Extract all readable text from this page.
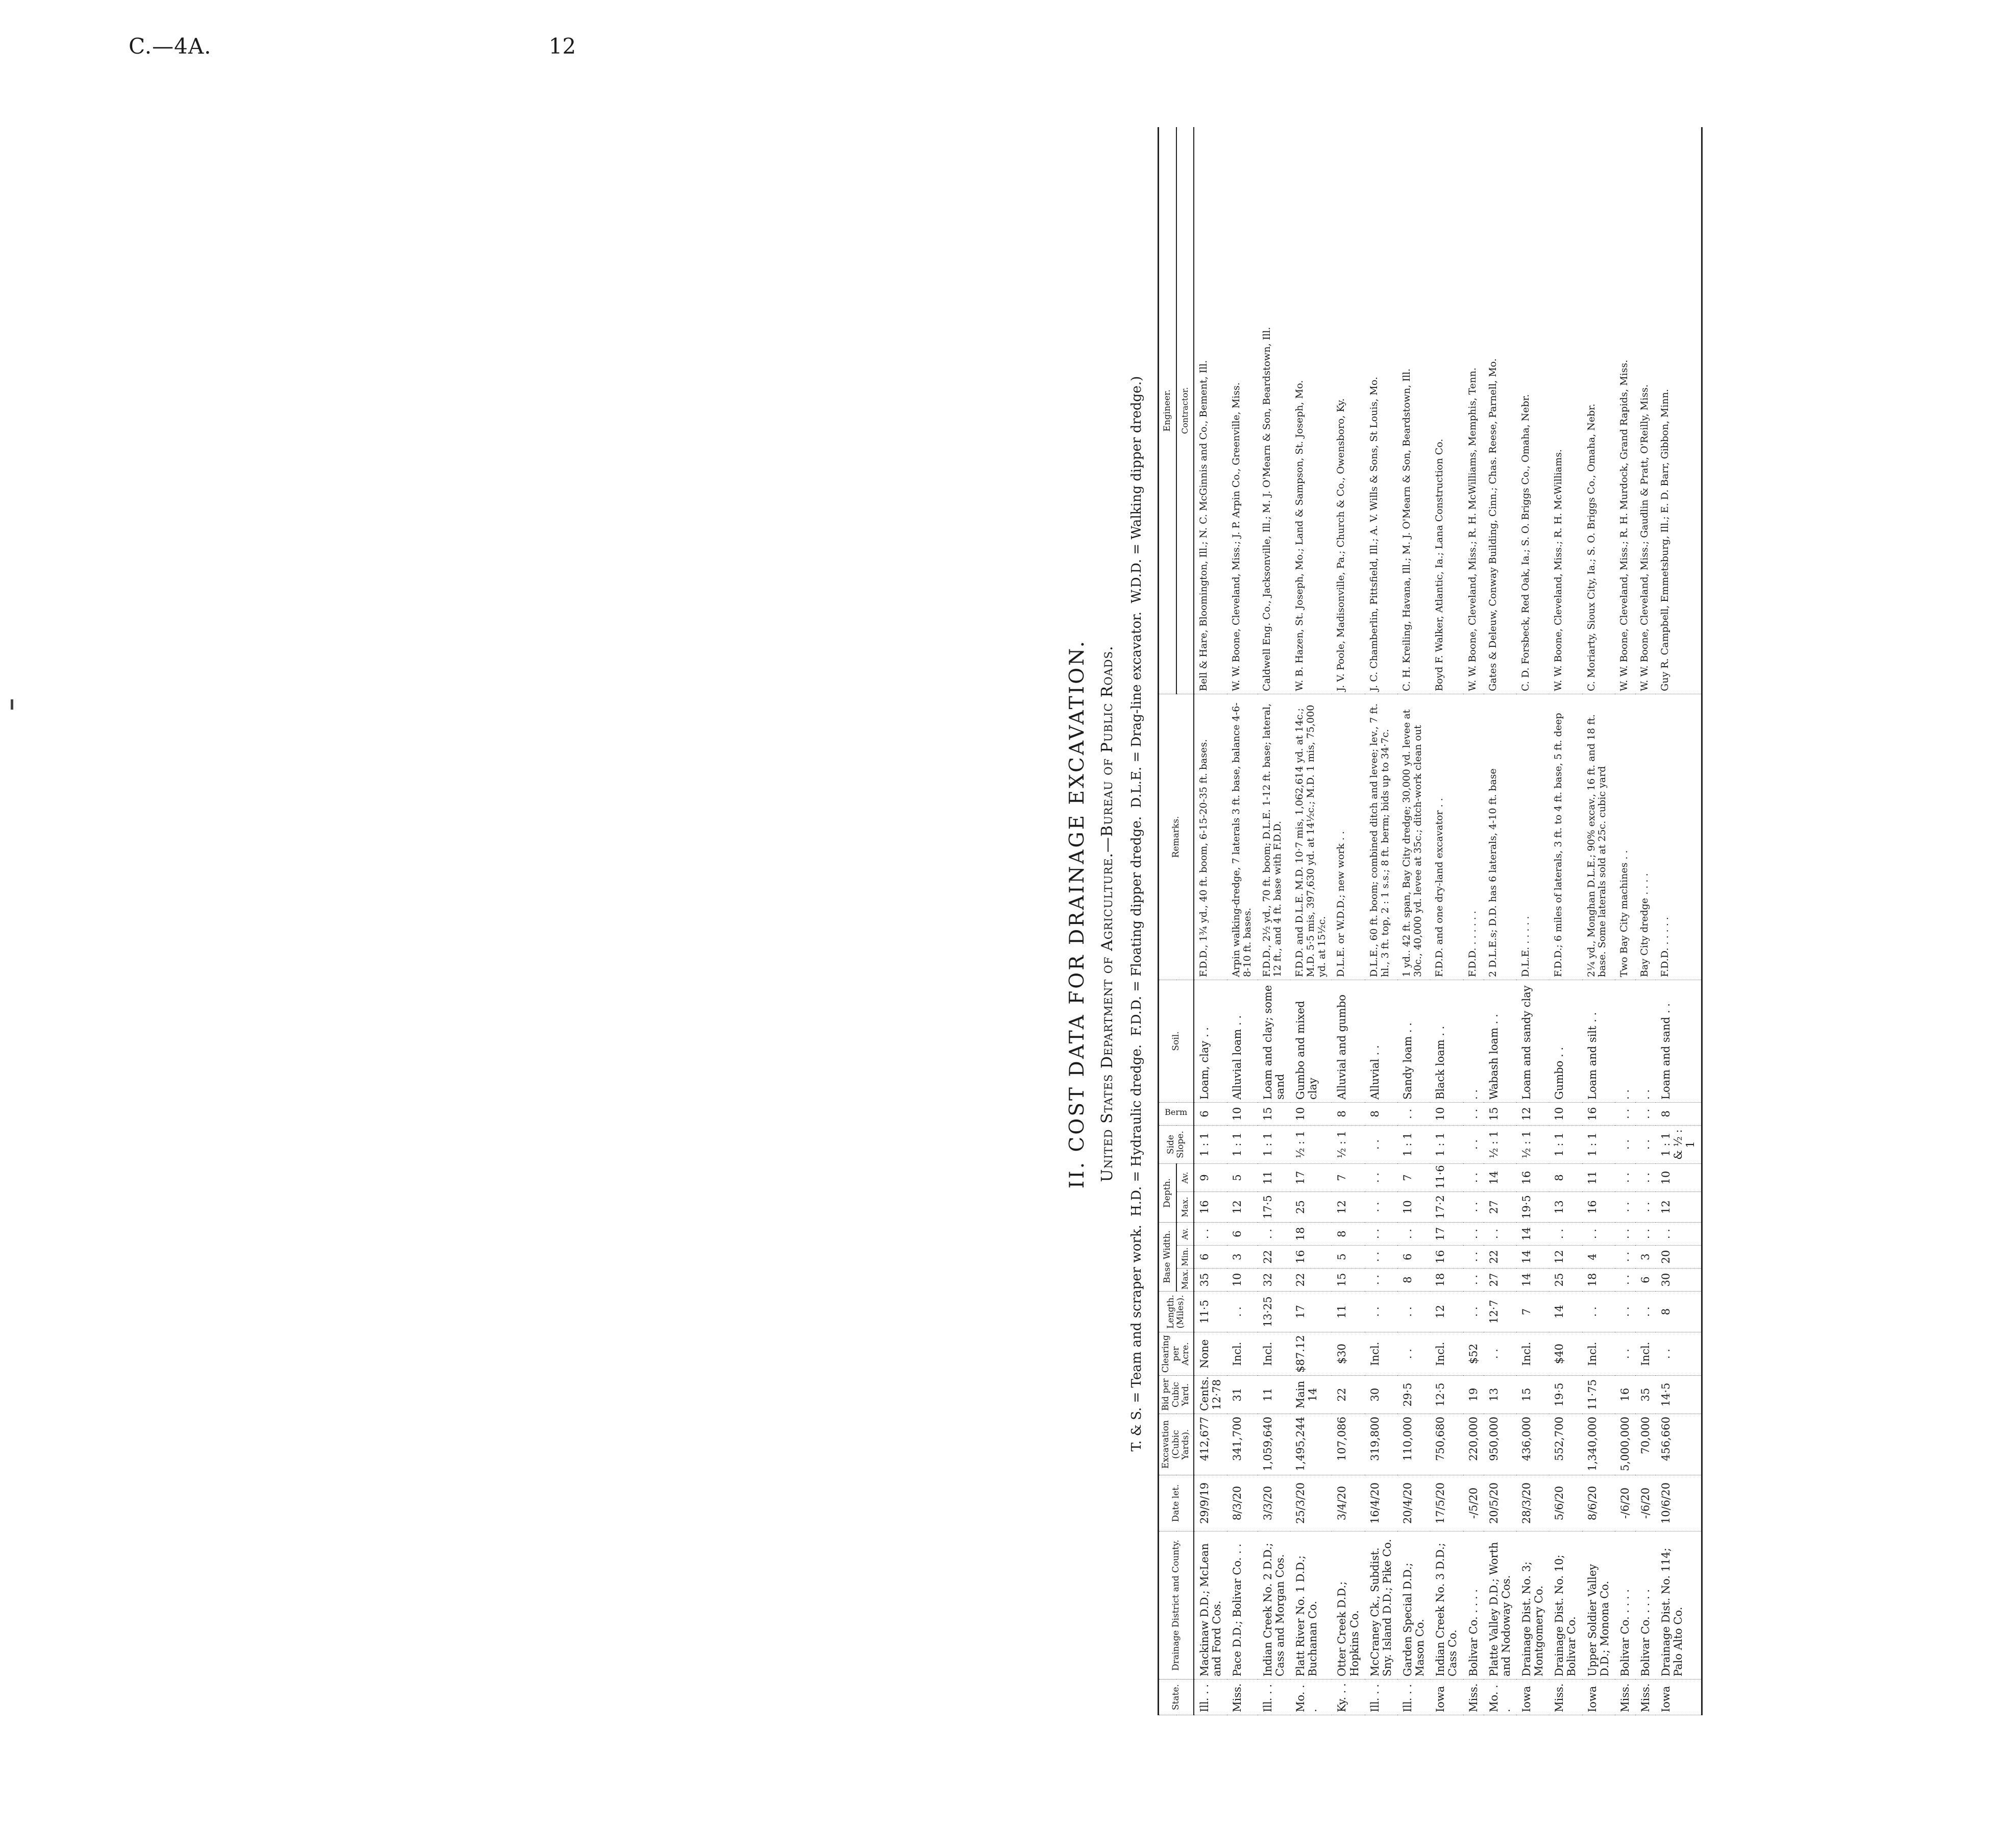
C.—4A.	12
II. COST DATA FOR DRAINAGE EXCAVATION. United States Department of Agriculture.—Bureau of Public Roads.
T. & S. = Team and scraper work. H.D. = Hydraulic dredge. F.D.D. = Floating dipper dredge. D.L.E. = Drag-line excavator. W.D.D. = Walking dipper dredge.)
State.	Drainage District and County.	Date let.	Excavation (Cubic Yards).	Bid per Cubic Yard.	Clearing per Acre.	Length. (Miles).	Base Width.			Depth.		Side Slope.	Berm	Soil.	Remarks.	Engineer.
							Max.	Min.	Av.	Max.	Av.					Contractor.
Ill. . .	Mackinaw D.D.; McLean and Ford Cos.	29/9/19	412,677	Cents. 12·78	None	11·5	35	6	. .	16	9	1 : 1	6	Loam, clay . .	F.D.D., 1¾ yd., 40 ft. boom, 6-15-20-35 ft. bases.	Bell & Hare, Bloomington, Ill.; N. C. McGinnis and Co., Bement, Ill.
Miss.	Pace D.D.; Bolivar Co. . .	8/3/20	341,700	31	Incl.	. .	10	3	6	12	5	1 : 1	10	Alluvial loam . .	Arpin walking-dredge, 7 laterals 3 ft. base, balance 4-6-8-10 ft. bases.	W. W. Boone, Cleveland, Miss.; J. P. Arpin Co., Greenville, Miss.
Ill. . .	Indian Creek No. 2 D.D.; Cass and Morgan Cos.	3/3/20	1,059,640	11	Incl.	13·25	32	22	. .	17·5	11	1 : 1	15	Loam and clay; some sand	F.D.D., 2½ yd., 70 ft. boom; D.L.E. 1-12 ft. base; lateral, 12 ft., and 4 ft. base with F.D.D.	Caldwell Eng. Co., Jacksonville, Ill.; M. J. O'Mearn & Son, Beardstown, Ill.
Mo. . .	Platt River No. 1 D.D.; Buchanan Co.	25/3/20	1,495,244	Main 14	$87.12	17	22	16	18	25	17	½ : 1	10	Gumbo and mixed clay	F.D.D. and D.L.E. M.D. 10·7 mis, 1,062,614 yd. at 14c.; M.D. 5·5 mis, 397,630 yd. at 14½c.; M.D. 1 mis, 75,000 yd. at 15½c.	W. B. Hazen, St. Joseph, Mo.; Land & Sampson, St. Joseph, Mo.
Ky. . .	Otter Creek D.D.; Hopkins Co.	3/4/20	107,086	22	$30	11	15	5	8	12	7	½ : 1	8	Alluvial and gumbo	D.L.E. or W.D.D.; new work . .	J. V. Poole, Madisonville, Pa.; Church & Co., Owensboro, Ky.
Ill. . .	McCraney Ck., Subdist. Sny. Island D.D.; Pike Co.	16/4/20	319,800	30	Incl.	. .	. .	. .	. .	. .	. .	. .	8	Alluvial . .	D.L.E., 60 ft. boom; combined ditch and levee; lev., 7 ft. hl., 3 ft. top, 2 : 1 s.s.; 8 ft. berm; bids up to 34·7c.	J. C. Chamberlin, Pittsfield, Ill.; A. V. Wills & Sons, St Louis, Mo.
Ill. . .	Garden Special D.D.; Mason Co.	20/4/20	110,000	29·5	. .	. .	8	6	. .	10	7	1 : 1	. .	Sandy loam . .	1 yd.. 42 ft. span, Bay City dredge; 30,000 yd. levee at 30c., 40,000 yd. levee at 35c.; ditch-work clean out	C. H. Kreiling, Havana, Ill.; M. J. O'Mearn & Son, Beardstown, Ill.
Iowa	Indian Creek No. 3 D.D.; Cass Co.	17/5/20	750,680	12·5	Incl.	12	18	16	17	17·2	11·6	1 : 1	10	Black loam . .	F.D.D. and one dry-land excavator . .	Boyd F. Walker, Atlantic, Ia.; Lana Construction Co.
Miss.	Bolivar Co. . . . .	-/5/20	220,000	19	$52	. .	. .	. .	. .	. .	. .	. .	. .	. .	F.D.D. . . . . . .	W. W. Boone, Cleveland, Miss.; R. H. McWilliams, Memphis, Tenn.
Mo. . .	Platte Valley D.D.; Worth and Nodoway Cos.	20/5/20	950,000	13	. .	12·7	27	22	. .	27	14	½ : 1	15	Wabash loam . .	2 D.L.E.s; D.D. has 6 laterals, 4-10 ft. base	Gates & Deleuw, Conway Building, Cinn.; Chas. Reese, Parnell, Mo.
Iowa	Drainage Dist. No. 3; Montgomery Co.	28/3/20	436,000	15	Incl.	7	14	14	14	19·5	16	½ : 1	12	Loam and sandy clay	D.L.E. . . . . .	C. D. Forsbeck, Red Oak, Ia.; S. O. Briggs Co., Omaha, Nebr.
Miss.	Drainage Dist. No. 10; Bolivar Co.	5/6/20	552,700	19·5	$40	14	25	12	. .	13	8	1 : 1	10	Gumbo . .	F.D.D.; 6 miles of laterals, 3 ft. to 4 ft. base, 5 ft. deep	W. W. Boone, Cleveland, Miss.; R. H. McWilliams.
Iowa	Upper Soldier Valley D.D.; Monona Co.	8/6/20	1,340,000	11·75	Incl.	. .	18	4	. .	16	11	1 : 1	16	Loam and silt . .	2¼ yd., Monghan D.L.E.; 90% excav., 16 ft. and 18 ft. base. Some laterals sold at 25c. cubic yard	C. Moriarty, Sioux City, Ia.; S. O. Briggs Co., Omaha, Nebr.
Miss.	Bolivar Co. . . . .	-/6/20	5,000,000	16	. .	. .	. .	. .	. .	. .	. .	. .	. .	. .	Two Bay City machines . .	W. W. Boone, Cleveland, Miss.; R. H. Murdock, Grand Rapids, Miss.
Miss.	Bolivar Co. . . . .	-/6/20	70,000	35	Incl.	. .	6	3	. .	. .	. .	. .	. .	. .	Bay City dredge . . . .	W. W. Boone, Cleveland, Miss.; Gaudlin & Pratt, O'Reilly, Miss.
Iowa	Drainage Dist. No. 114; Palo Alto Co.	10/6/20	456,660	14·5	. .	8	30	20	. .	12	10	1 : 1 & ½ : 1	8	Loam and sand . .	F.D.D. . . . . .	Guy R. Campbell, Emmetsburg, Ill.; E. D. Barr, Gibbon, Minn.
